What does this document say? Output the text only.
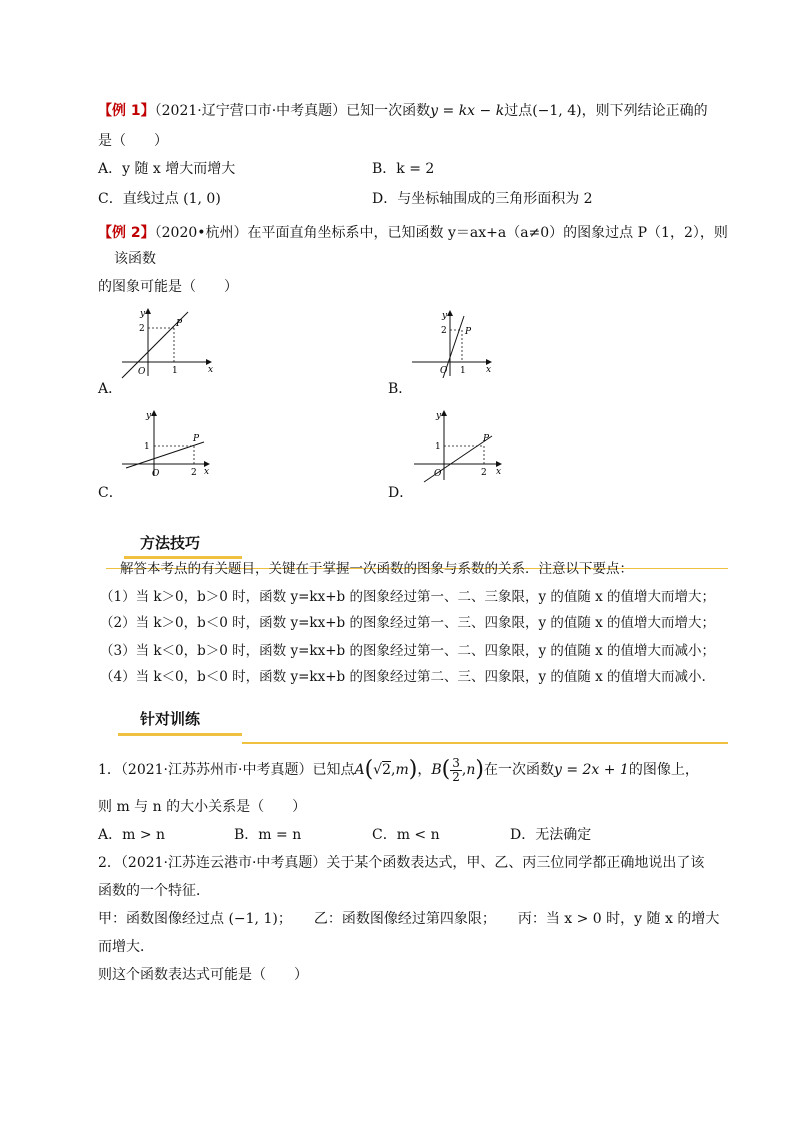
【例 1】（2021·辽宁营口市·中考真题）已知一次函数y = kx − k过点(−1, 4)，则下列结论正确的
是（　　）
A．y 随 x 增大而增大	B．k = 2
C．直线过点 (1, 0)	D．与坐标轴围成的三角形面积为 2
【例 2】（2020•杭州）在平面直角坐标系中，已知函数 y＝ax+a（a≠0）的图象过点 P（1，2），则
该函数
的图象可能是（　　）
y
x
O
2
1
P
A．
y
x
O
2
1
P
B．
y
x
O
1
2
P
C．
y
x
O
1
2
P
D．
方法技巧
解答本考点的有关题目，关键在于掌握一次函数的图象与系数的关系．注意以下要点：
（1）当 k＞0，b＞0 时，函数 y=kx+b 的图象经过第一、二、三象限，y 的值随 x 的值增大而增大；
（2）当 k＞0，b＜0 时，函数 y=kx+b 的图象经过第一、三、四象限，y 的值随 x 的值增大而增大；
（3）当 k＜0，b＞0 时，函数 y=kx+b 的图象经过第一、二、四象限，y 的值随 x 的值增大而减小；
（4）当 k＜0，b＜0 时，函数 y=kx+b 的图象经过第二、三、四象限，y 的值随 x 的值增大而减小.
针对训练
1．（2021·江苏苏州市·中考真题）已知点A(√2,m)，$B( \frac{3}{2} ,n)$在一次函数y = 2x + 1的图像上，
则 m 与 n 的大小关系是（　　）
A．m > n	B．m = n	C．m < n	D．无法确定
2．（2021·江苏连云港市·中考真题）关于某个函数表达式，甲、乙、丙三位同学都正确地说出了该
函数的一个特征．
甲：函数图像经过点 (−1, 1)； 乙：函数图像经过第四象限； 丙：当 x > 0 时，y 随 x 的增大
而增大．
则这个函数表达式可能是（　　）
